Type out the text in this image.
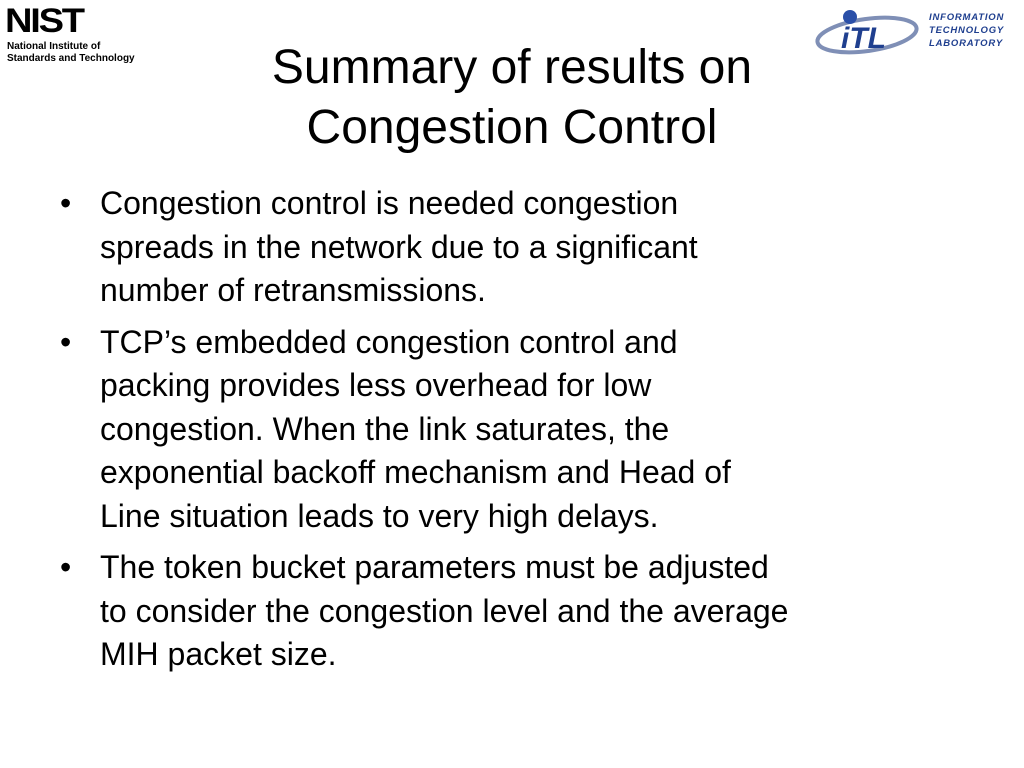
NIST
National Institute of
Standards and Technology
iTL
INFORMATION
TECHNOLOGY
LABORATORY
Summary of results on
Congestion Control
• Congestion control is needed congestion
spreads in the network due to a significant
number of retransmissions.
• TCP’s embedded congestion control and
packing provides less overhead for low
congestion. When the link saturates, the
exponential backoff mechanism and Head of
Line situation leads to very high delays.
• The token bucket parameters must be adjusted
to consider the congestion level and the average
MIH packet size.
